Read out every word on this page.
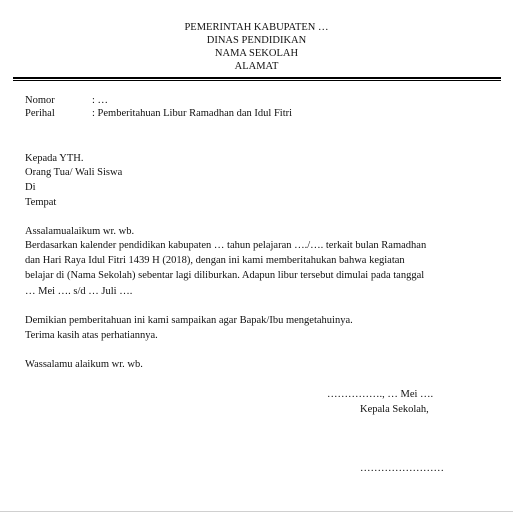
PEMERINTAH KABUPATEN …
DINAS PENDIDIKAN
NAMA SEKOLAH
ALAMAT
Nomor	: …
Perihal	: Pemberitahuan Libur Ramadhan dan Idul Fitri
Kepada YTH.
Orang Tua/ Wali Siswa
Di
Tempat
Assalamualaikum wr. wb.
Berdasarkan kalender pendidikan kabupaten … tahun pelajaran …./…. terkait bulan Ramadhan
dan Hari Raya Idul Fitri 1439 H (2018), dengan ini kami memberitahukan bahwa kegiatan
belajar di (Nama Sekolah) sebentar lagi diliburkan. Adapun libur tersebut dimulai pada tanggal
… Mei …. s/d … Juli ….
Demikian pemberitahuan ini kami sampaikan agar Bapak/Ibu mengetahuinya.
Terima kasih atas perhatiannya.
Wassalamu alaikum wr. wb.
……………., … Mei ….
Kepala Sekolah,
……………………
